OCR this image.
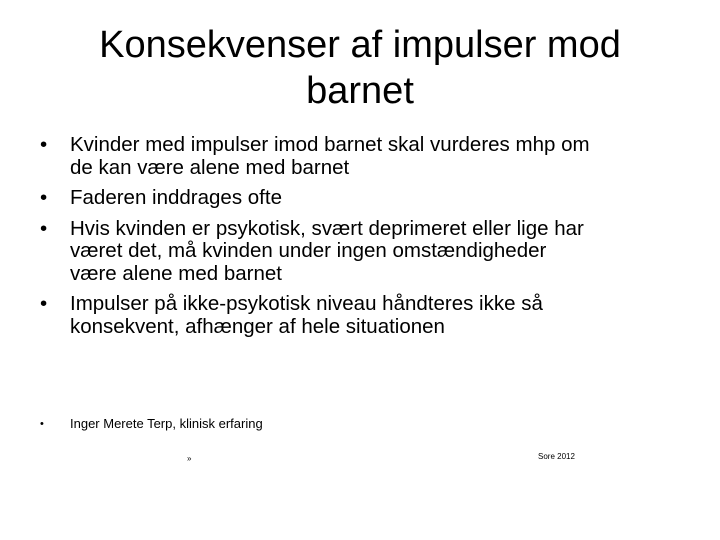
Konsekvenser af impulser mod
barnet
•	Kvinder med impulser imod barnet skal vurderes mhp om
de kan være alene med barnet
•	Faderen inddrages ofte
•	Hvis kvinden er psykotisk, svært deprimeret eller lige har
været det, må kvinden under ingen omstændigheder
være alene med barnet
•	Impulser på ikke-psykotisk niveau håndteres ikke så
konsekvent, afhænger af hele situationen
•	Inger Merete Terp, klinisk erfaring
»	Sore 2012
